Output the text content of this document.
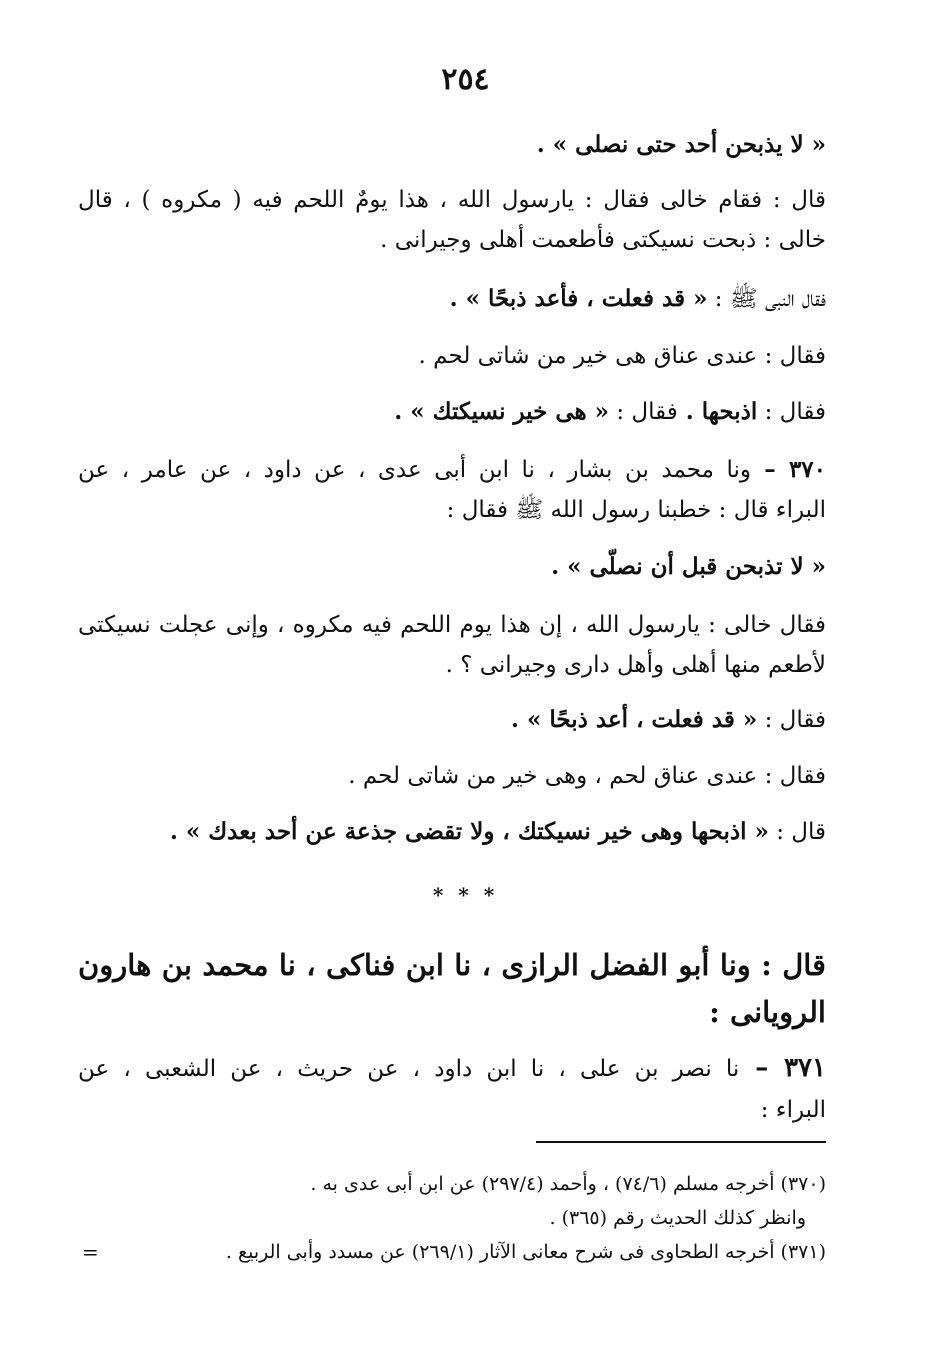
٢٥٤
« لا يذبحن أحد حتى نصلى » .
قال : فقام خالى فقال : يارسول الله ، هذا يومٌ اللحم فيه ( مكروه ) ، قال
خالى : ذبحت نسيكتى فأطعمت أهلى وجيرانى .
فقال النبى ﷺ : « قد فعلت ، فأعد ذبحًا » .
فقال : عندى عناق هى خير من شاتى لحم .
فقال : اذبحها . فقال : « هى خير نسيكتك » .
٣٧٠ – ونا محمد بن بشار ، نا ابن أبى عدى ، عن داود ، عن عامر ، عن
البراء قال : خطبنا رسول الله ﷺ فقال :
« لا تذبحن قبل أن نصلّى » .
فقال خالى : يارسول الله ، إن هذا يوم اللحم فيه مكروه ، وإنى عجلت نسيكتى
لأطعم منها أهلى وأهل دارى وجيرانى ؟ .
فقال : « قد فعلت ، أعد ذبحًا » .
فقال : عندى عناق لحم ، وهى خير من شاتى لحم .
قال : « اذبحها وهى خير نسيكتك ، ولا تقضى جذعة عن أحد بعدك » .
* * *
قال : ونا أبو الفضل الرازى ، نا ابن فناكى ، نا محمد بن هارون
الرويانى :
٣٧١ – نا نصر بن على ، نا ابن داود ، عن حريث ، عن الشعبى ، عن
البراء :
(٣٧٠) أخرجه مسلم (٧٤/٦) ، وأحمد (٢٩٧/٤) عن ابن أبى عدى به .
وانظر كذلك الحديث رقم (٣٦٥) .
(٣٧١) أخرجه الطحاوى فى شرح معانى الآثار (٢٦٩/١) عن مسدد وأبى الربيع .
=
